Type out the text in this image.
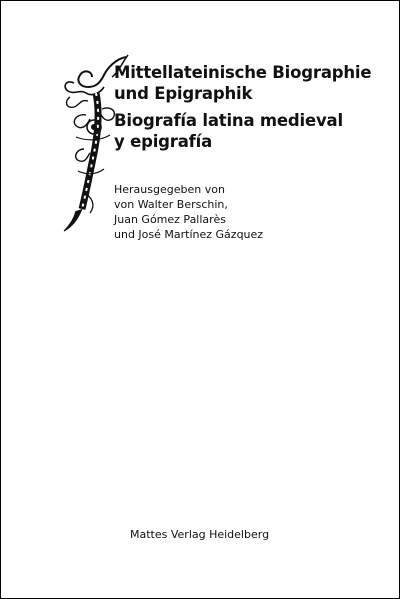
Mittellateinische Biographie
und Epigraphik
Biografía latina medieval
y epigrafía
Herausgegeben von
von Walter Berschin,
Juan Gómez Pallarès
und José Martínez Gázquez
Mattes Verlag Heidelberg
